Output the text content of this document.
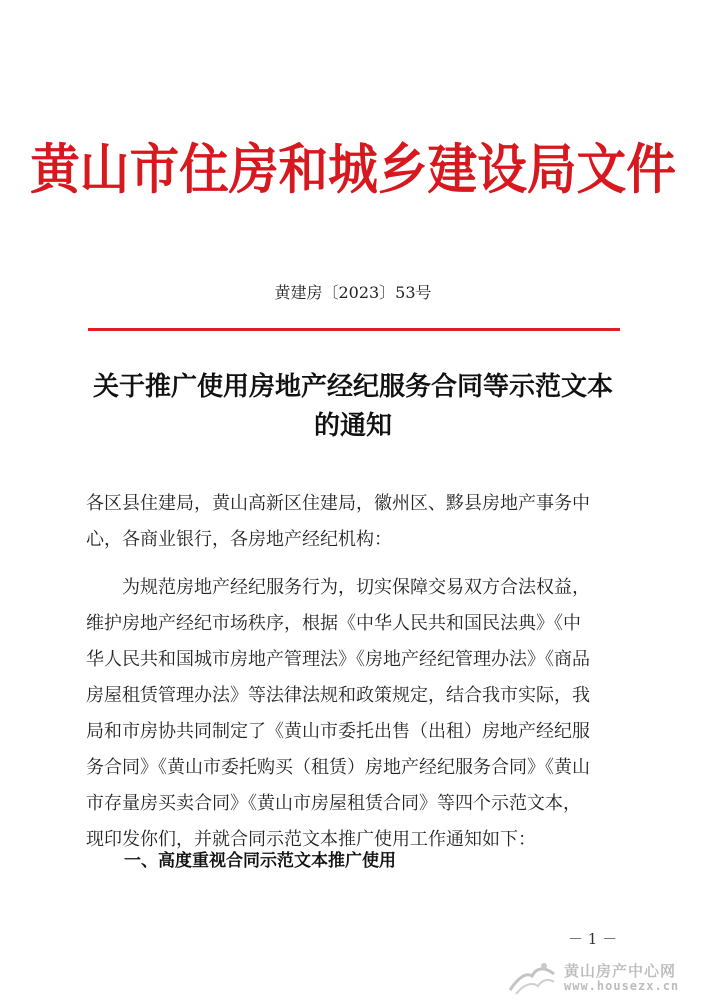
黄山市住房和城乡建设局文件
黄建房〔2023〕53号
关于推广使用房地产经纪服务合同等示范文本
的通知
各区县住建局，黄山高新区住建局，徽州区、黟县房地产事务中
心，各商业银行，各房地产经纪机构：
　　为规范房地产经纪服务行为，切实保障交易双方合法权益，
维护房地产经纪市场秩序，根据《中华人民共和国民法典》《中
华人民共和国城市房地产管理法》《房地产经纪管理办法》《商品
房屋租赁管理办法》等法律法规和政策规定，结合我市实际，我
局和市房协共同制定了《黄山市委托出售（出租）房地产经纪服
务合同》《黄山市委托购买（租赁）房地产经纪服务合同》《黄山
市存量房买卖合同》《黄山市房屋租赁合同》等四个示范文本，
现印发你们，并就合同示范文本推广使用工作通知如下：
一、高度重视合同示范文本推广使用
－ 1 －
黄山房产中心网
www.housezx.cn
